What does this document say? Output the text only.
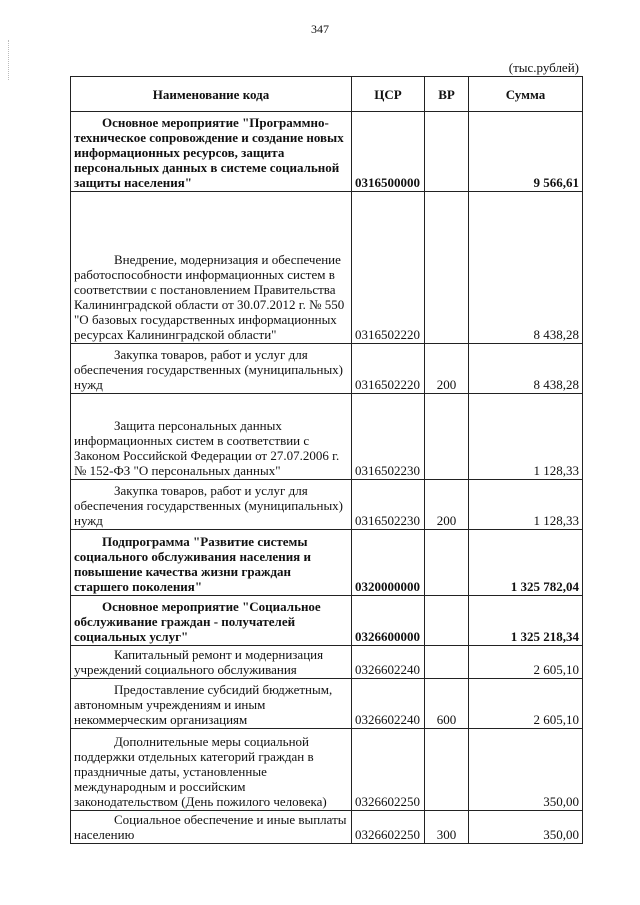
347
(тыс.рублей)
Наименование кода	ЦСР	ВР	Сумма
Основное мероприятие "Программно-техническое сопровождение и создание новых информационных ресурсов, защита персональных данных в системе социальной защиты населения"	0316500000		9 566,61
Внедрение, модернизация и обеспечение работоспособности информационных систем в соответствии с постановлением Правительства Калининградской области от 30.07.2012 г. № 550 "О базовых государственных информационных ресурсах Калининградской области"	0316502220		8 438,28
Закупка товаров, работ и услуг для обеспечения государственных (муниципальных) нужд	0316502220	200	8 438,28
Защита персональных данных информационных систем в соответствии с Законом Российской Федерации от 27.07.2006 г. № 152-ФЗ "О персональных данных"	0316502230		1 128,33
Закупка товаров, работ и услуг для обеспечения государственных (муниципальных) нужд	0316502230	200	1 128,33
Подпрограмма "Развитие системы социального обслуживания населения и повышение качества жизни граждан старшего поколения"	0320000000		1 325 782,04
Основное мероприятие "Социальное обслуживание граждан - получателей социальных услуг"	0326600000		1 325 218,34
Капитальный ремонт и модернизация учреждений социального обслуживания	0326602240		2 605,10
Предоставление субсидий бюджетным, автономным учреждениям и иным некоммерческим организациям	0326602240	600	2 605,10
Дополнительные меры социальной поддержки отдельных категорий граждан в праздничные даты, установленные международным и российским законодательством (День пожилого человека)	0326602250		350,00
Социальное обеспечение и иные выплаты населению	0326602250	300	350,00
